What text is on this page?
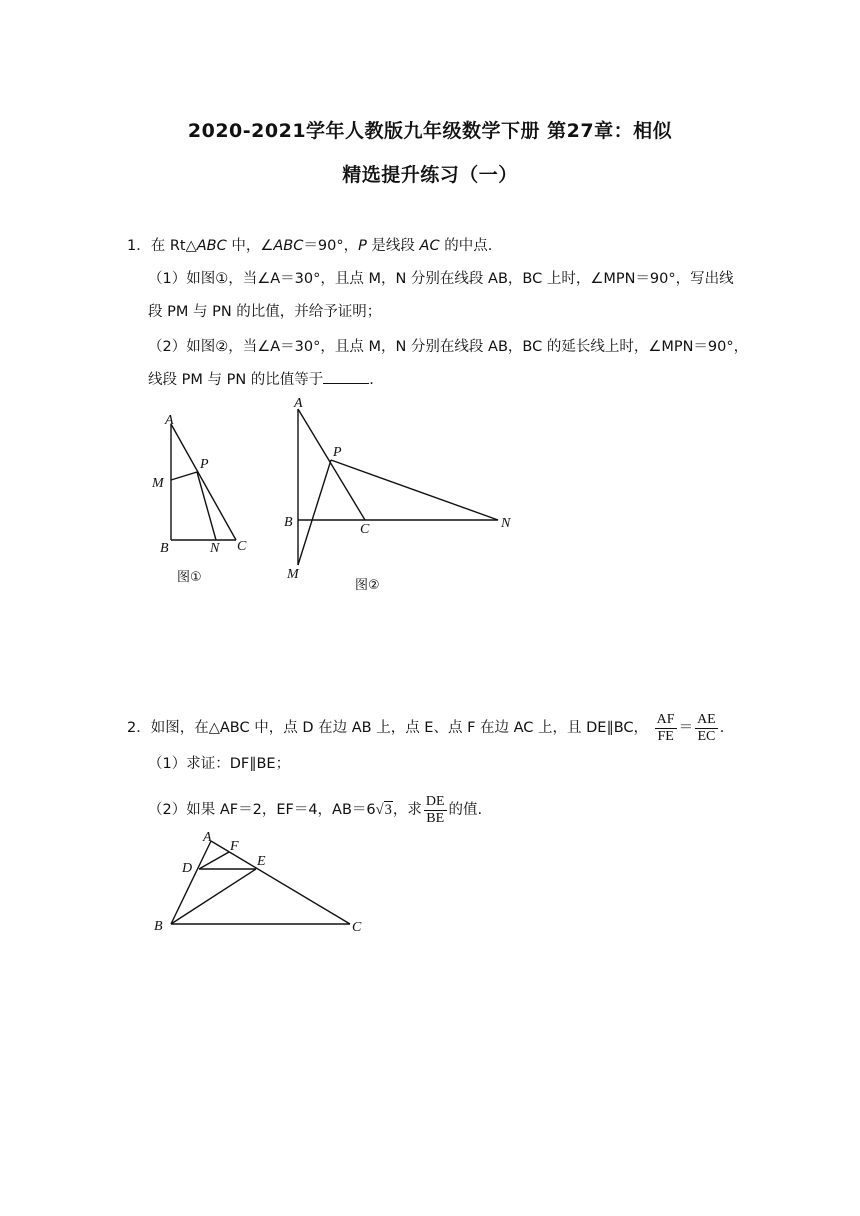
2020-2021学年人教版九年级数学下册 第27章：相似
精选提升练习（一）
1．在 Rt△ABC 中，∠ABC＝90°，P 是线段 AC 的中点.
（1）如图①，当∠A＝30°，且点 M，N 分别在线段 AB，BC 上时，∠MPN＝90°，写出线
段 PM 与 PN 的比值，并给予证明；
（2）如图②，当∠A＝30°，且点 M，N 分别在线段 AB，BC 的延长线上时，∠MPN＝90°，
线段 PM 与 PN 的比值等于	.
2．如图，在△ABC 中，点 D 在边 AB 上，点 E、点 F 在边 AC 上，且 DE∥BC， $\frac{AF}{FE} = \frac{AE}{EC}$ .
（1）求证：DF∥BE；
（2）如果 AF＝2，EF＝4，AB＝6√3，求 $\frac{DE}{BE}$ 的值.
A
M
P
B	N C
图①
A
P
B	C	N
M
图②
A
F
D	E
B	C
